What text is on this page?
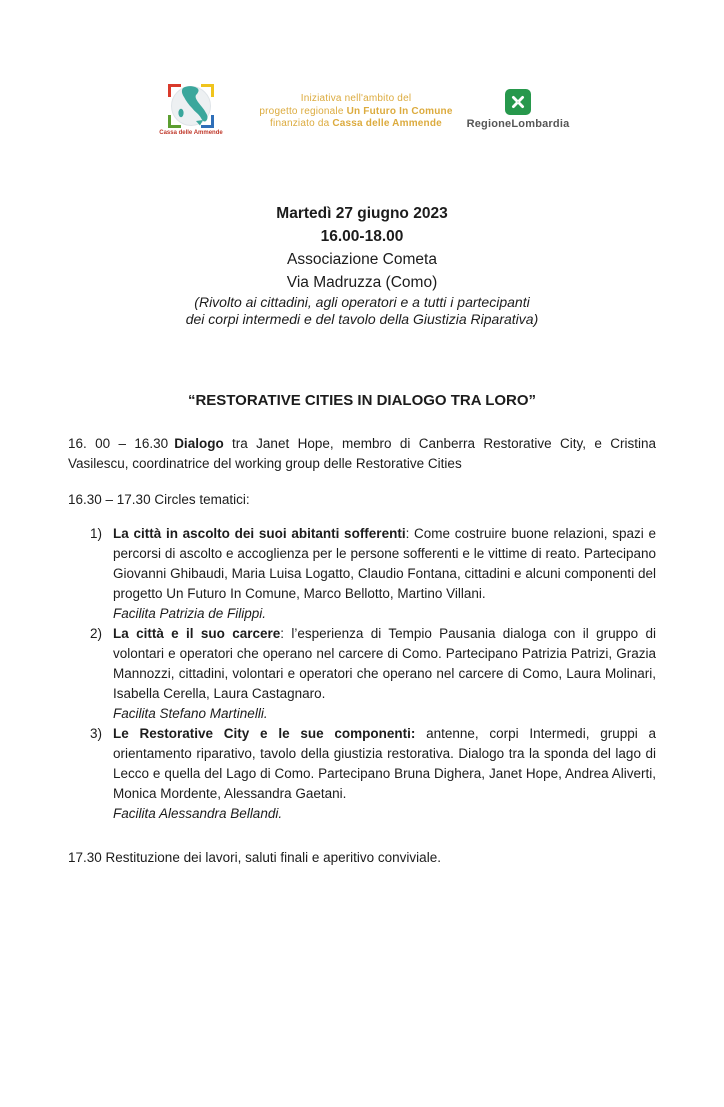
Cassa delle Ammende
Iniziativa nell'ambito del
progetto regionale Un Futuro In Comune
finanziato da Cassa delle Ammende	RegioneLombardia
Martedì 27 giugno 2023
16.00-18.00
Associazione Cometa
Via Madruzza (Como)
(Rivolto ai cittadini, agli operatori e a tutti i partecipanti
dei corpi intermedi e del tavolo della Giustizia Riparativa)
“RESTORATIVE CITIES IN DIALOGO TRA LORO”

16. 00 – 16.30 Dialogo tra Janet Hope, membro di Canberra Restorative City, e Cristina Vasilescu, coordinatrice del working group delle Restorative Cities

16.30 – 17.30 Circles tematici:

1) La città in ascolto dei suoi abitanti sofferenti: Come costruire buone relazioni, spazi e percorsi di ascolto e accoglienza per le persone sofferenti e le vittime di reato. Partecipano Giovanni Ghibaudi, Maria Luisa Logatto, Claudio Fontana, cittadini e alcuni componenti del progetto Un Futuro In Comune, Marco Bellotto, Martino Villani.

Facilita Patrizia de Filippi.

2) La città e il suo carcere: l’esperienza di Tempio Pausania dialoga con il gruppo di volontari e operatori che operano nel carcere di Como. Partecipano Patrizia Patrizi, Grazia Mannozzi, cittadini, volontari e operatori che operano nel carcere di Como, Laura Molinari, Isabella Cerella, Laura Castagnaro.

Facilita Stefano Martinelli.

3) Le Restorative City e le sue componenti: antenne, corpi Intermedi, gruppi a orientamento riparativo, tavolo della giustizia restorativa. Dialogo tra la sponda del lago di Lecco e quella del Lago di Como. Partecipano Bruna Dighera, Janet Hope, Andrea Aliverti, Monica Mordente, Alessandra Gaetani.

Facilita Alessandra Bellandi.

17.30 Restituzione dei lavori, saluti finali e aperitivo conviviale.
